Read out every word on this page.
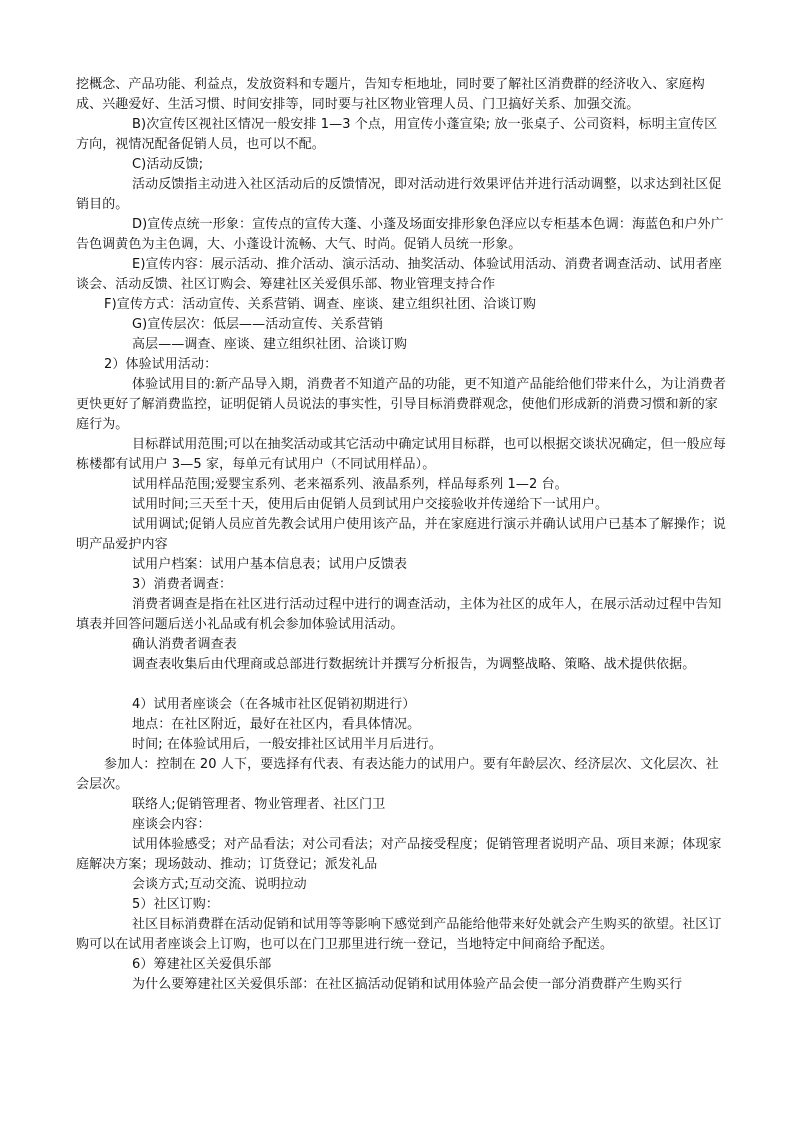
挖概念、产品功能、利益点，发放资料和专题片，告知专柜地址，同时要了解社区消费群的经济收入、家庭构成、兴趣爱好、生活习惯、时间安排等，同时要与社区物业管理人员、门卫搞好关系、加强交流。

B)次宣传区视社区情况一般安排 1—3 个点，用宣传小蓬宣染; 放一张桌子、公司资料，标明主宣传区方向，视情况配备促销人员，也可以不配。

C)活动反馈;

活动反馈指主动进入社区活动后的反馈情况，即对活动进行效果评估并进行活动调整，以求达到社区促销目的。

D)宣传点统一形象：宣传点的宣传大蓬、小蓬及场面安排形象色泽应以专柜基本色调：海蓝色和户外广告色调黄色为主色调，大、小蓬设计流畅、大气、时尚。促销人员统一形象。

E)宣传内容：展示活动、推介活动、演示活动、抽奖活动、体验试用活动、消费者调查活动、试用者座谈会、活动反馈、社区订购会、筹建社区关爱俱乐部、物业管理支持合作

F)宣传方式：活动宣传、关系营销、调查、座谈、建立组织社团、洽谈订购

G)宣传层次：低层——活动宣传、关系营销

高层——调查、座谈、建立组织社团、洽谈订购

2）体验试用活动：

体验试用目的:新产品导入期，消费者不知道产品的功能，更不知道产品能给他们带来什么，为让消费者更快更好了解消费监控，证明促销人员说法的事实性，引导目标消费群观念，使他们形成新的消费习惯和新的家庭行为。

目标群试用范围;可以在抽奖活动或其它活动中确定试用目标群，也可以根据交谈状况确定，但一般应每栋楼都有试用户 3—5 家，每单元有试用户（不同试用样品）。

试用样品范围;爱婴宝系列、老来福系列、液晶系列，样品每系列 1—2 台。

试用时间;三天至十天，使用后由促销人员到试用户交接验收并传递给下一试用户。

试用调试;促销人员应首先教会试用户使用该产品，并在家庭进行演示并确认试用户已基本了解操作；说明产品爱护内容

试用户档案：试用户基本信息表；试用户反馈表

3）消费者调查：

消费者调查是指在社区进行活动过程中进行的调查活动，主体为社区的成年人，在展示活动过程中告知填表并回答问题后送小礼品或有机会参加体验试用活动。

确认消费者调查表

调查表收集后由代理商或总部进行数据统计并撰写分析报告，为调整战略、策略、战术提供依据。

4）试用者座谈会（在各城市社区促销初期进行）

地点：在社区附近，最好在社区内，看具体情况。

时间; 在体验试用后，一般安排社区试用半月后进行。

参加人：控制在 20 人下，要选择有代表、有表达能力的试用户。要有年龄层次、经济层次、文化层次、社会层次。

联络人;促销管理者、物业管理者、社区门卫

座谈会内容：

试用体验感受；对产品看法；对公司看法；对产品接受程度；促销管理者说明产品、项目来源；体现家庭解决方案；现场鼓动、推动；订货登记；派发礼品

会谈方式;互动交流、说明拉动

5）社区订购：

社区目标消费群在活动促销和试用等等影响下感觉到产品能给他带来好处就会产生购买的欲望。社区订购可以在试用者座谈会上订购，也可以在门卫那里进行统一登记，当地特定中间商给予配送。

6）筹建社区关爱俱乐部

为什么要筹建社区关爱俱乐部：在社区搞活动促销和试用体验产品会使一部分消费群产生购买行
